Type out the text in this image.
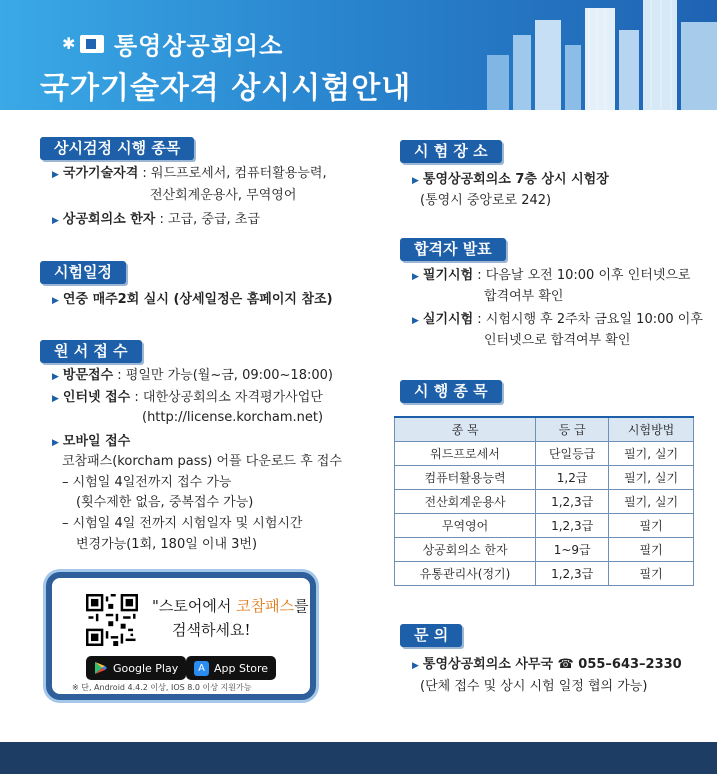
✱ 통영상공회의소
국가기술자격 상시시험안내
상시검정 시행 종목
▶ 국가기술자격 : 워드프로세서, 컴퓨터활용능력,
전산회계운용사, 무역영어
▶ 상공회의소 한자 : 고급, 중급, 초급
시험일정
▶ 연중 매주2회 실시 (상세일정은 홈페이지 참조)
원 서 접 수
▶ 방문접수 : 평일만 가능(월~금, 09:00~18:00)
▶ 인터넷 접수 : 대한상공회의소 자격평가사업단
(http://license.korcham.net)
▶ 모바일 접수
코참패스(korcham pass) 어플 다운로드 후 접수
– 시험일 4일전까지 접수 가능
(횟수제한 없음, 중복접수 가능)
– 시험일 4일 전까지 시험일자 및 시험시간
변경가능(1회, 180일 이내 3번)
"스토어에서 코참패스를
검색하세요!
Google Play	A App Store
※ 단, Android 4.4.2 이상, IOS 8.0 이상 지원가능
시 험 장 소
▶ 통영상공회의소 7층 상시 시험장
(통영시 중앙로로 242)
합격자 발표
▶ 필기시험 : 다음날 오전 10:00 이후 인터넷으로
합격여부 확인
▶ 실기시험 : 시험시행 후 2주차 금요일 10:00 이후
인터넷으로 합격여부 확인
시 행 종 목
종 목	등 급	시험방법
워드프로세서	단일등급	필기, 실기
컴퓨터활용능력	1,2급	필기, 실기
전산회계운용사	1,2,3급	필기, 실기
무역영어	1,2,3급	필기
상공회의소 한자	1~9급	필기
유통관리사(정기)	1,2,3급	필기
문 의
▶ 통영상공회의소 사무국 ☎ 055–643–2330
(단체 접수 및 상시 시험 일정 협의 가능)
